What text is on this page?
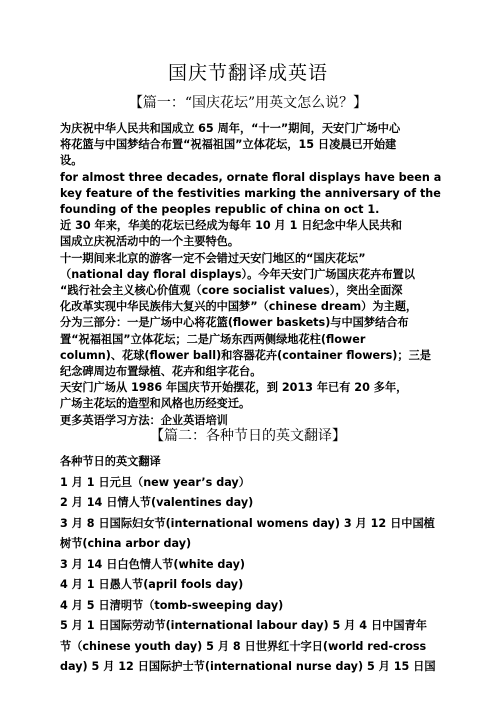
国庆节翻译成英语
【篇一：“国庆花坛”用英文怎么说？】
为庆祝中华人民共和国成立 65 周年，“十一”期间，天安门广场中心
将花篮与中国梦结合布置“祝福祖国”立体花坛，15 日凌晨已开始建
设。
for almost three decades, ornate floral displays have been a
key feature of the festivities marking the anniversary of the
founding of the peoples republic of china on oct 1.
近 30 年来，华美的花坛已经成为每年 10 月 1 日纪念中华人民共和
国成立庆祝活动中的一个主要特色。
十一期间来北京的游客一定不会错过天安门地区的“国庆花坛”
（national day floral displays）。今年天安门广场国庆花卉布置以
“践行社会主义核心价值观（core socialist values），突出全面深
化改革实现中华民族伟大复兴的中国梦”（chinese dream）为主题，
分为三部分：一是广场中心将花篮(flower baskets)与中国梦结合布
置“祝福祖国”立体花坛；二是广场东西两侧绿地花柱(flower
column)、花球(flower ball)和容器花卉(container flowers)；三是
纪念碑周边布置绿植、花卉和组字花台。
天安门广场从 1986 年国庆节开始摆花，到 2013 年已有 20 多年，
广场主花坛的造型和风格也历经变迁。
更多英语学习方法：企业英语培训
【篇二：各种节日的英文翻译】
各种节日的英文翻译
1 月 1 日元旦（new year’s day）
2 月 14 日情人节(valentines day)
3 月 8 日国际妇女节(international womens day) 3 月 12 日中国植
树节(china arbor day)
3 月 14 日白色情人节(white day)
4 月 1 日愚人节(april fools day)
4 月 5 日清明节（tomb-sweeping day)
5 月 1 日国际劳动节(international labour day) 5 月 4 日中国青年
节（chinese youth day) 5 月 8 日世界红十字日(world red-cross
day) 5 月 12 日国际护士节(international nurse day) 5 月 15 日国
